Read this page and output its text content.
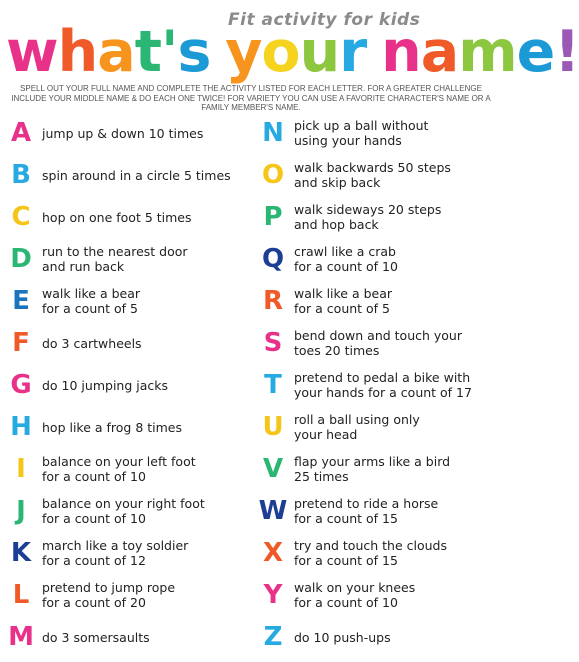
Fit activity for kids

what's your name!

SPELL OUT YOUR FULL NAME AND COMPLETE THE ACTIVITY LISTED FOR EACH LETTER. FOR A GREATER CHALLENGE INCLUDE YOUR MIDDLE NAME & DO EACH ONE TWICE! FOR VARIETY YOU CAN USE A FAVORITE CHARACTER'S NAME OR A FAMILY MEMBER'S NAME.

A jump up & down 10 times
B spin around in a circle 5 times
C hop on one foot 5 times
D run to the nearest door
and run back
E walk like a bear
for a count of 5
F do 3 cartwheels
G do 10 jumping jacks
H hop like a frog 8 times
I	balance on your left foot
for a count of 10
J	balance on your right foot
for a count of 10
K march like a toy soldier
for a count of 12
L	pretend to jump rope
for a count of 20
M do 3 somersaults
N pick up a ball without
using your hands
O walk backwards 50 steps
and skip back
P walk sideways 20 steps
and hop back
Q crawl like a crab
for a count of 10
R walk like a bear
for a count of 5
S bend down and touch your
toes 20 times
T pretend to pedal a bike with
your hands for a count of 17
U roll a ball using only
your head
V flap your arms like a bird
25 times
W pretend to ride a horse
for a count of 15
X try and touch the clouds
for a count of 15
Y walk on your knees
for a count of 10
Z do 10 push-ups
